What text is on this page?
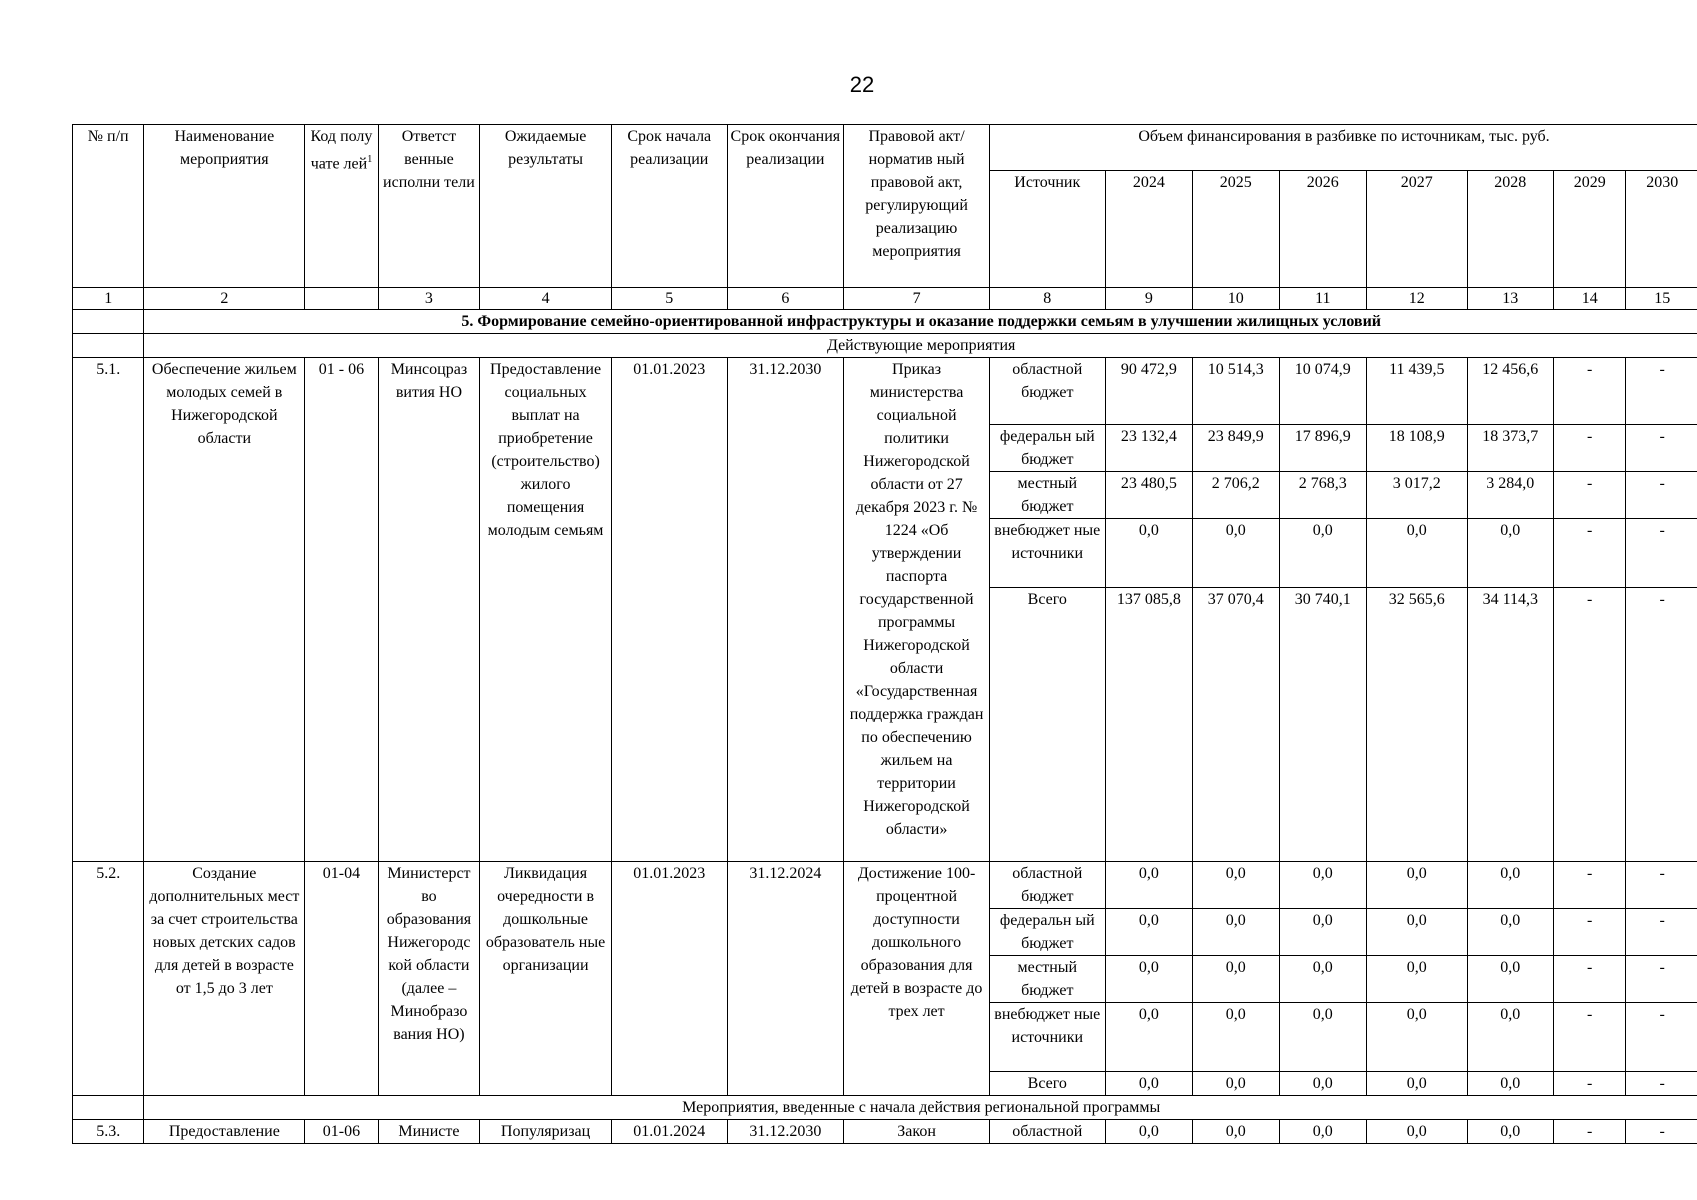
22
№ п/п	Наименование мероприятия	Код полу чате лей$^1$	Ответст венные исполни тели	Ожидаемые результаты	Срок начала реализации	Срок окончания реализации	Правовой акт/норматив ный правовой акт, регулирующий реализацию мероприятия	Объем финансирования в разбивке по источникам, тыс. руб.							
								Источник	2024	2025	2026	2027	2028	2029	2030
1	2		3	4	5	6	7	8	9	10	11	12	13	14	15
	5. Формирование семейно-ориентированной инфраструктуры и оказание поддержки семьям в улучшении жилищных условий														
	Действующие мероприятия														
5.1.	Обеспечение жильем молодых семей в Нижегородской области	01 - 06	Минсоцраз вития НО	Предоставление социальных выплат на приобретение (строительство) жилого помещения молодым семьям	01.01.2023	31.12.2030	Приказ министерства социальной политики Нижегородской области от 27 декабря 2023 г. № 1224 «Об утверждении паспорта государственной программы Нижегородской области «Государственная поддержка граждан по обеспечению жильем на территории Нижегородской области»	областной бюджет	90 472,9	10 514,3	10 074,9	11 439,5	12 456,6	-	-
								федеральн ый бюджет	23 132,4	23 849,9	17 896,9	18 108,9	18 373,7	-	-
								местный бюджет	23 480,5	2 706,2	2 768,3	3 017,2	3 284,0	-	-
								внебюджет ные источники	0,0	0,0	0,0	0,0	0,0	-	-
								Всего	137 085,8	37 070,4	30 740,1	32 565,6	34 114,3	-	-
5.2.	Создание дополнительных мест за счет строительства новых детских садов для детей в возрасте от 1,5 до 3 лет	01-04	Министерст во образования Нижегородс кой области (далее – Минобразо вания НО)	Ликвидация очередности в дошкольные образователь ные организации	01.01.2023	31.12.2024	Достижение 100-процентной доступности дошкольного образования для детей в возрасте до трех лет	областной бюджет	0,0	0,0	0,0	0,0	0,0	-	-
								федеральн ый бюджет	0,0	0,0	0,0	0,0	0,0	-	-
								местный бюджет	0,0	0,0	0,0	0,0	0,0	-	-
								внебюджет ные источники	0,0	0,0	0,0	0,0	0,0	-	-
								Всего	0,0	0,0	0,0	0,0	0,0	-	-
	Мероприятия, введенные с начала действия региональной программы														
5.3.	Предоставление	01-06	Министе	Популяризац	01.01.2024	31.12.2030	Закон	областной	0,0	0,0	0,0	0,0	0,0	-	-
